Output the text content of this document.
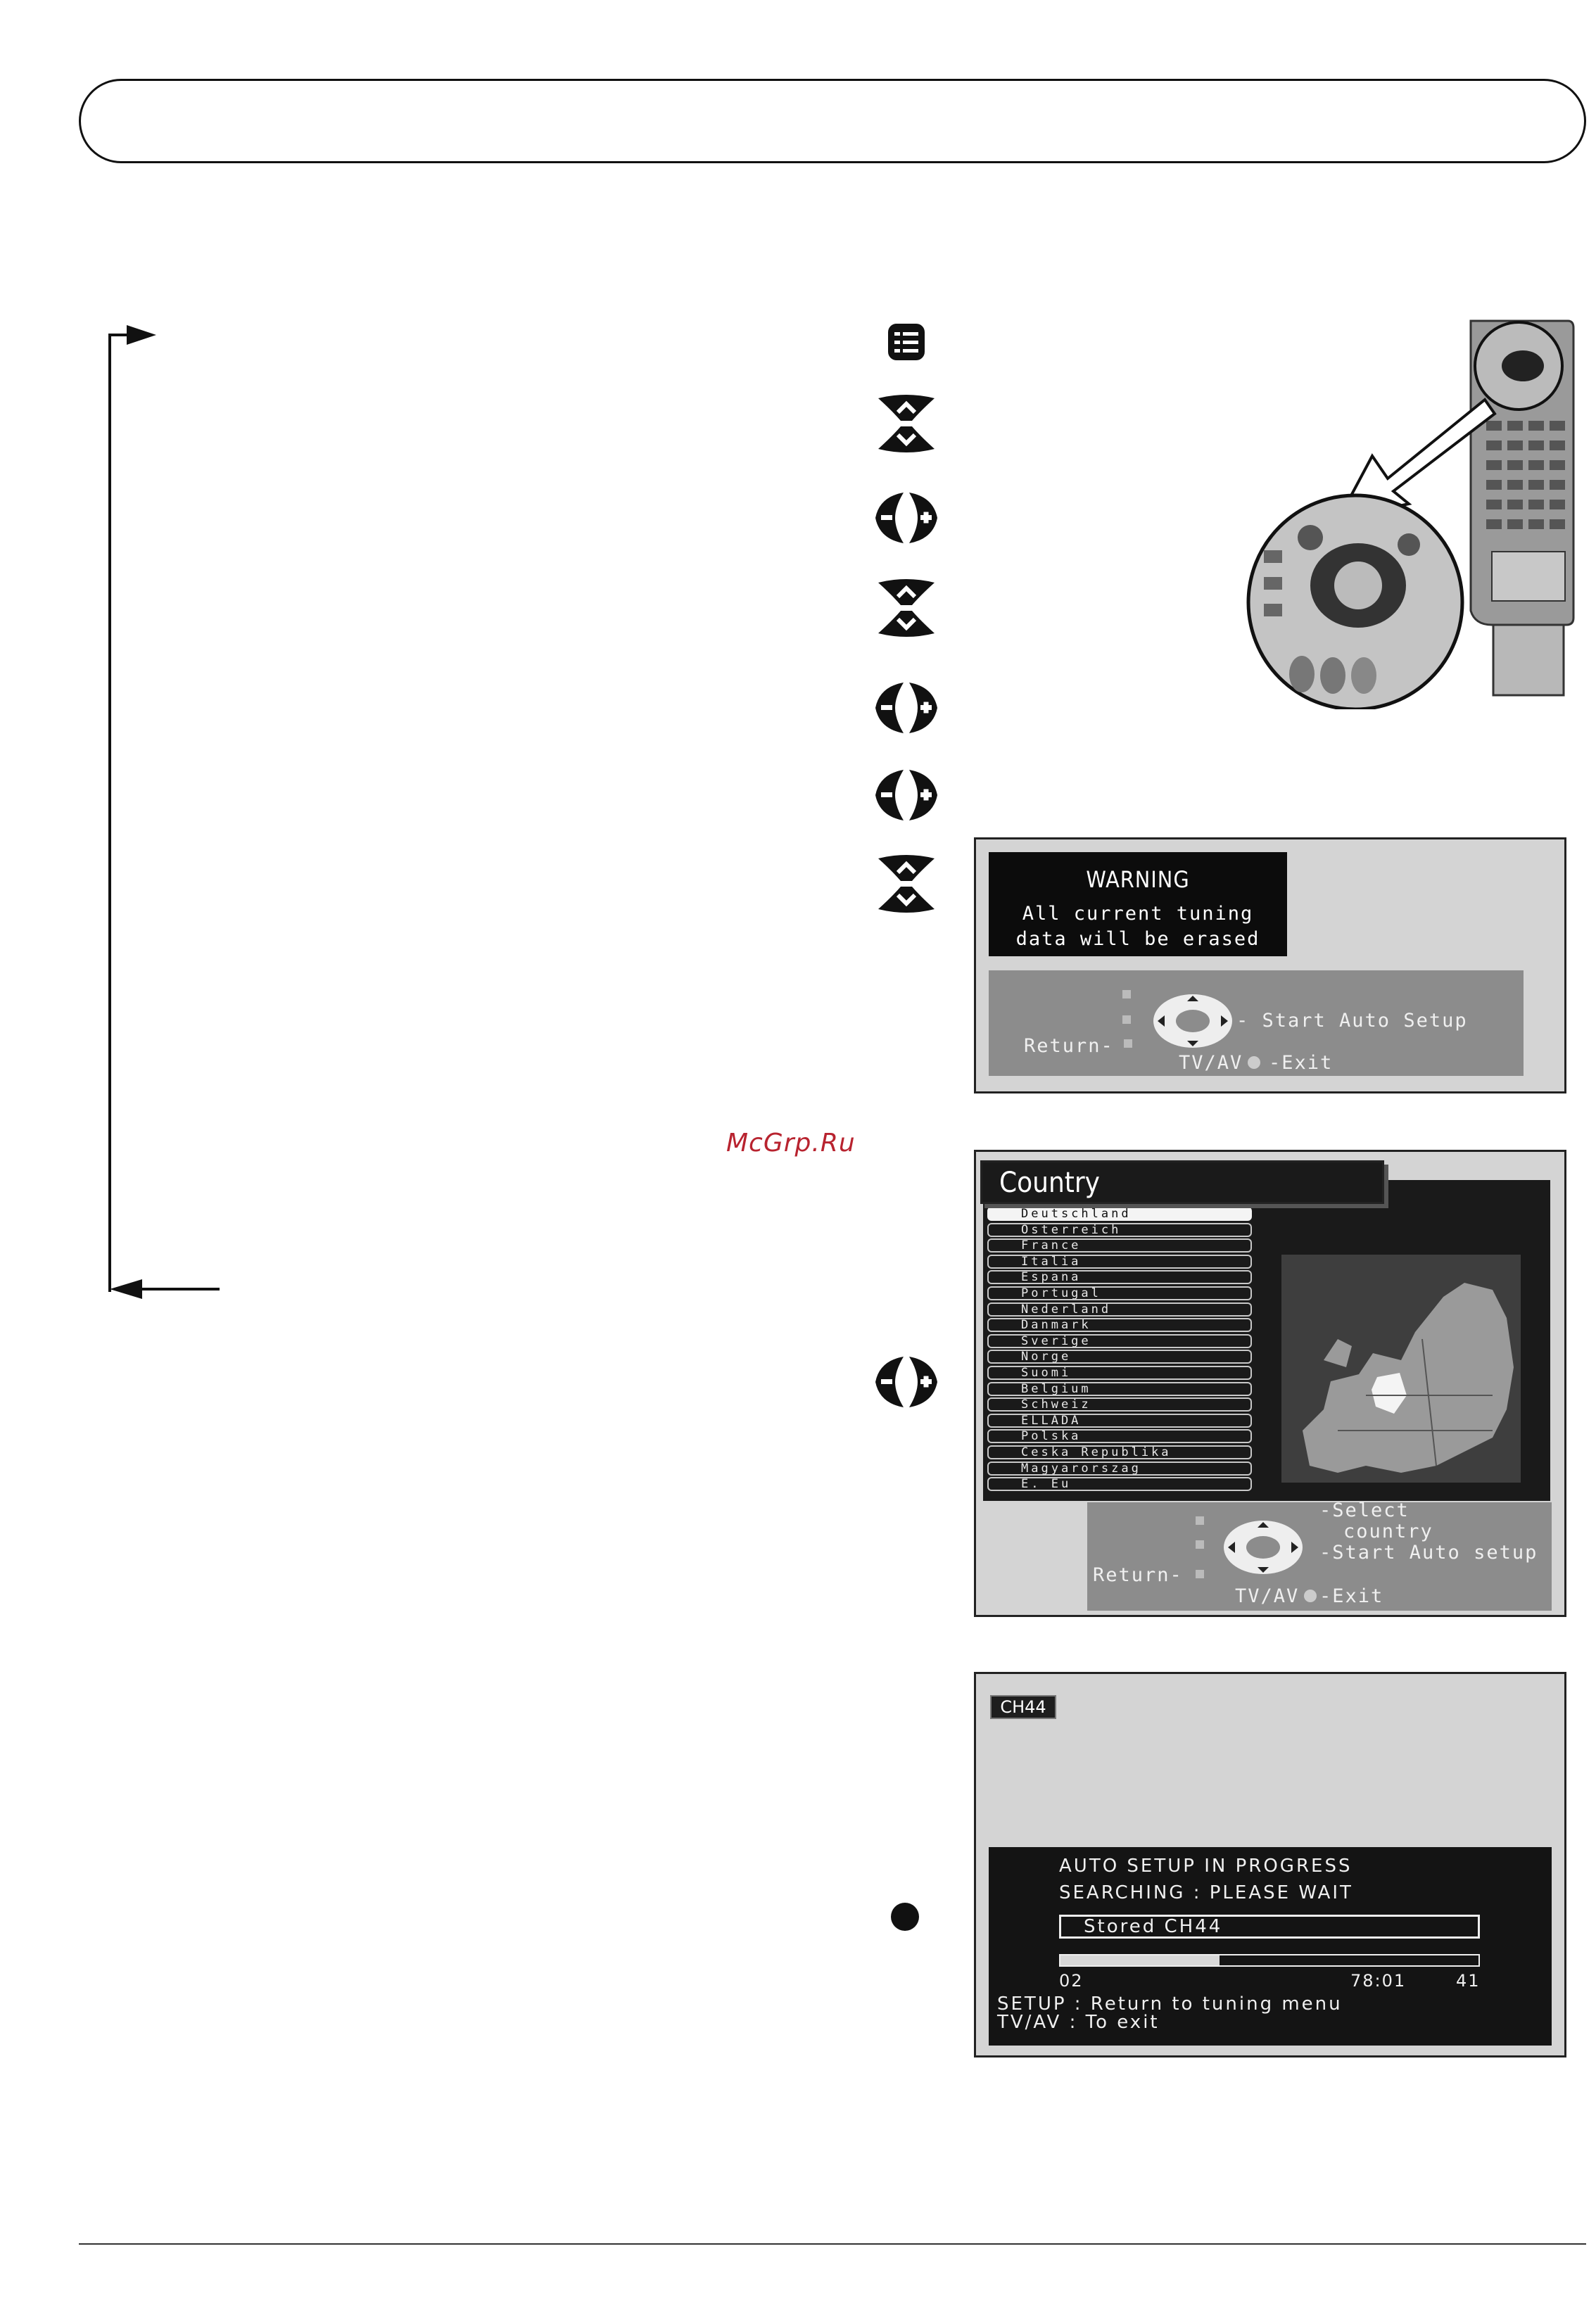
McGrp.Ru
WARNING
All current tuning
data will be erased
- Start Auto Setup
Return-
TV/AV -Exit
Deutschland
Osterreich
France
Italia
Espana
Portugal
Nederland
Danmark
Sverige
Norge
Suomi
Belgium
Schweiz
ELLADA
Polska
Ceska Republika
Magyarorszag
E. Eu
Country
-Select
country
-Start Auto setup
Return-
TV/AV -Exit
CH44
AUTO SETUP IN PROGRESS
SEARCHING : PLEASE WAIT
Stored CH44
02	78:01	41
SETUP : Return to tuning menu
TV/AV : To exit
